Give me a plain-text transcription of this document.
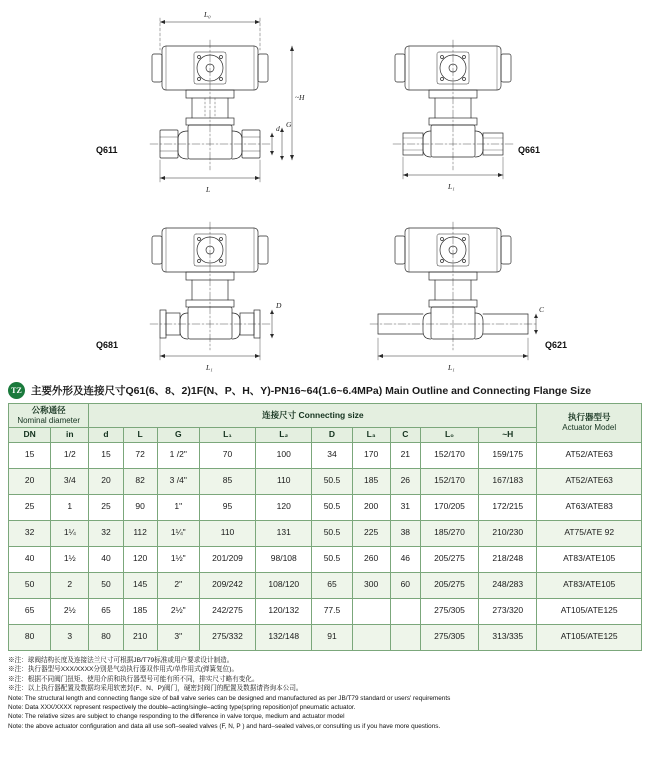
L₀
~H
L
d G
L₁
D
L₁
C
L₁
Q611	Q661
Q681	Q621
TZ 主要外形及连接尺寸Q61(6、8、2)1F(N、P、H、Y)-PN16~64(1.6~6.4MPa) Main Outline and Connecting Flange Size
公称通径
Nominal diameter		连接尺寸 Connecting size										执行器型号
Actuator Model

DN	in	d	L	G	L₁	L₂	D	L₃	C	L₀	~H	
15	1/2	15	72	1 /2"	70	100	34	170	21	152/170	159/175	AT52/ATE63
20	3/4	20	82	3 /4"	85	110	50.5	185	26	152/170	167/183	AT52/ATE63
25	1	25	90	1"	95	120	50.5	200	31	170/205	172/215	AT63/ATE83
32	1¼	32	112	1¼"	110	131	50.5	225	38	185/270	210/230	AT75/ATE 92
40	1½	40	120	1½"	201/209	98/108	50.5	260	46	205/275	218/248	AT83/ATE105
50	2	50	145	2"	209/242	108/120	65	300	60	205/275	248/283	AT83/ATE105
65	2½	65	185	2½"	242/275	120/132	77.5			275/305	273/320	AT105/ATE125
80	3	80	210	3"	275/332	132/148	91			275/305	313/335	AT105/ATE125
※注：球阀结构长度及连接法兰尺寸可根据JB/T79标准或用户要求设计制造。
※注：执行器型号XXX/XXXX分别是气动执行器双作用式/单作用式(弹簧复位)。
※注：根据不同阀门扭矩、使用介质和执行器型号可能有所不同，排实尺寸略有变化。
※注：以上执行器配置及数据均采用软密封(F、N、P)阀门，硬密封阀门的配置及数据请咨询本公司。
Note: The structural length and connecting flange size of ball valve series can be designed and manufactured as per JB/T79 standard or users' requirements
Note: Data XXX/XXXX represent respectively the double–acting/single–acting type(spring reposition)of pneumatic actuator.
Note: The relative sizes are subject to change responding to the difference in valve torque, medium and actuator model
Note: the above actuator configuration and data all use soft–sealed valves (F, N, P ) and hard–sealed valves,or consulting us if you have more questions.
